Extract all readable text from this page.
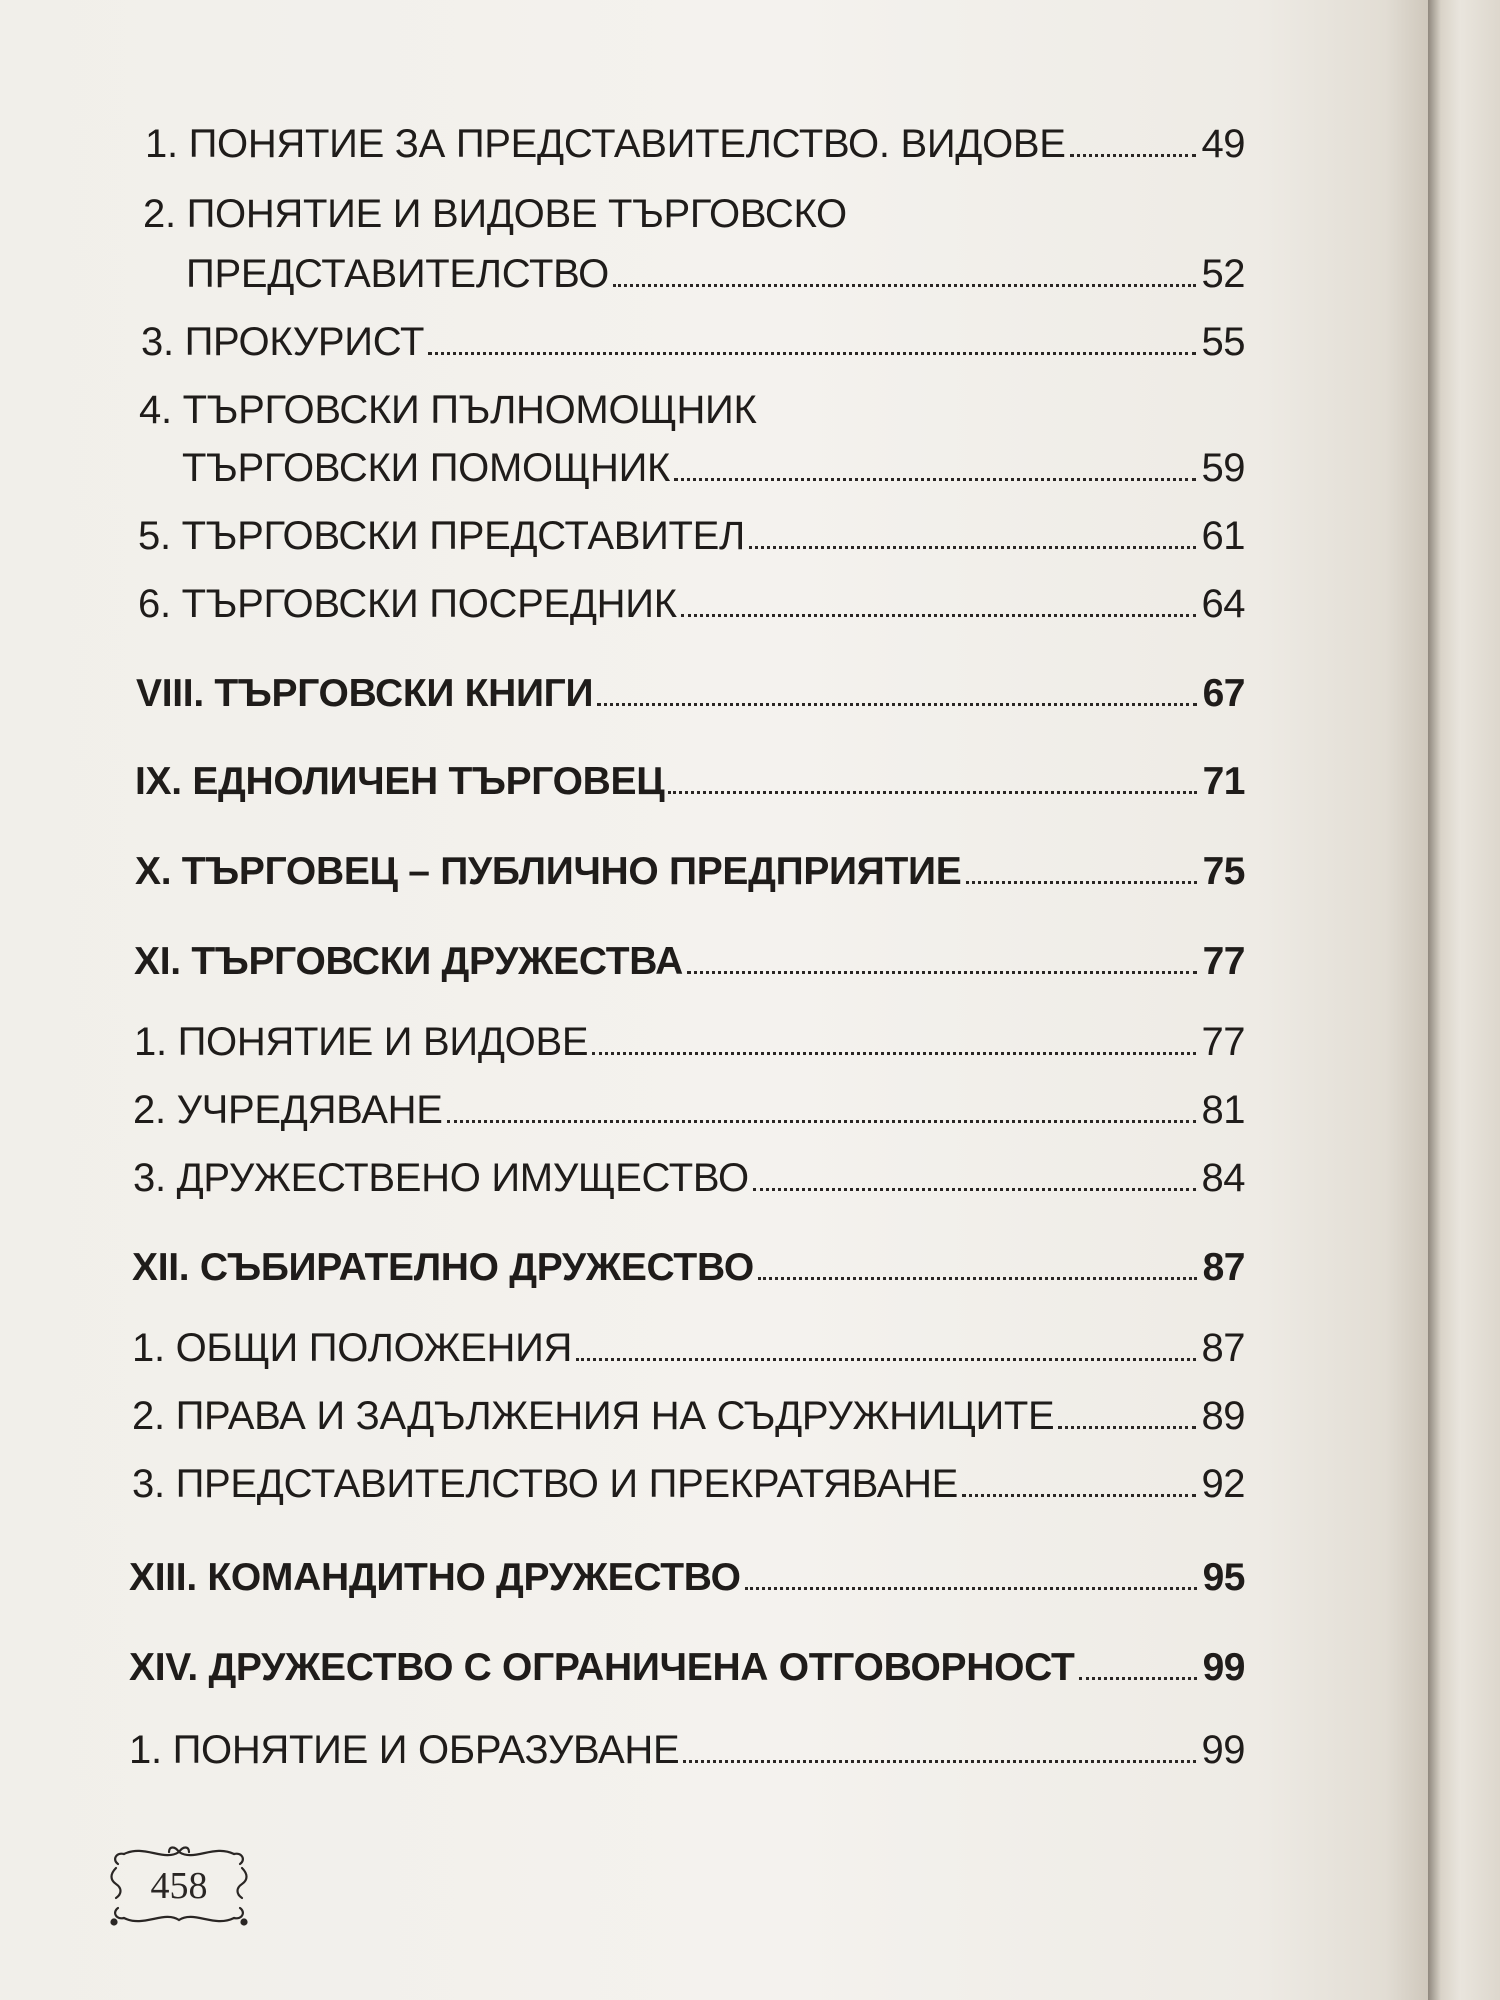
1. ПОНЯТИЕ ЗА ПРЕДСТАВИТЕЛСТВО. ВИДОВЕ	49
2. ПОНЯТИЕ И ВИДОВЕ ТЪРГОВСКО
ПРЕДСТАВИТЕЛСТВО	52
3. ПРОКУРИСТ	55
4. ТЪРГОВСКИ ПЪЛНОМОЩНИК
ТЪРГОВСКИ ПОМОЩНИК	59
5. ТЪРГОВСКИ ПРЕДСТАВИТЕЛ	61
6. ТЪРГОВСКИ ПОСРЕДНИК	64
VIII. ТЪРГОВСКИ КНИГИ	67
IX. ЕДНОЛИЧЕН ТЪРГОВЕЦ	71
X. ТЪРГОВЕЦ – ПУБЛИЧНО ПРЕДПРИЯТИЕ	75
XI. ТЪРГОВСКИ ДРУЖЕСТВА	77
1. ПОНЯТИЕ И ВИДОВЕ	77
2. УЧРЕДЯВАНЕ	81
3. ДРУЖЕСТВЕНО ИМУЩЕСТВО	84
XII. СЪБИРАТЕЛНО ДРУЖЕСТВО	87
1. ОБЩИ ПОЛОЖЕНИЯ	87
2. ПРАВА И ЗАДЪЛЖЕНИЯ НА СЪДРУЖНИЦИТЕ	89
3. ПРЕДСТАВИТЕЛСТВО И ПРЕКРАТЯВАНЕ	92
XIII. КОМАНДИТНО ДРУЖЕСТВО	95
XIV. ДРУЖЕСТВО С ОГРАНИЧЕНА ОТГОВОРНОСТ	99
1. ПОНЯТИЕ И ОБРАЗУВАНЕ	99
458
